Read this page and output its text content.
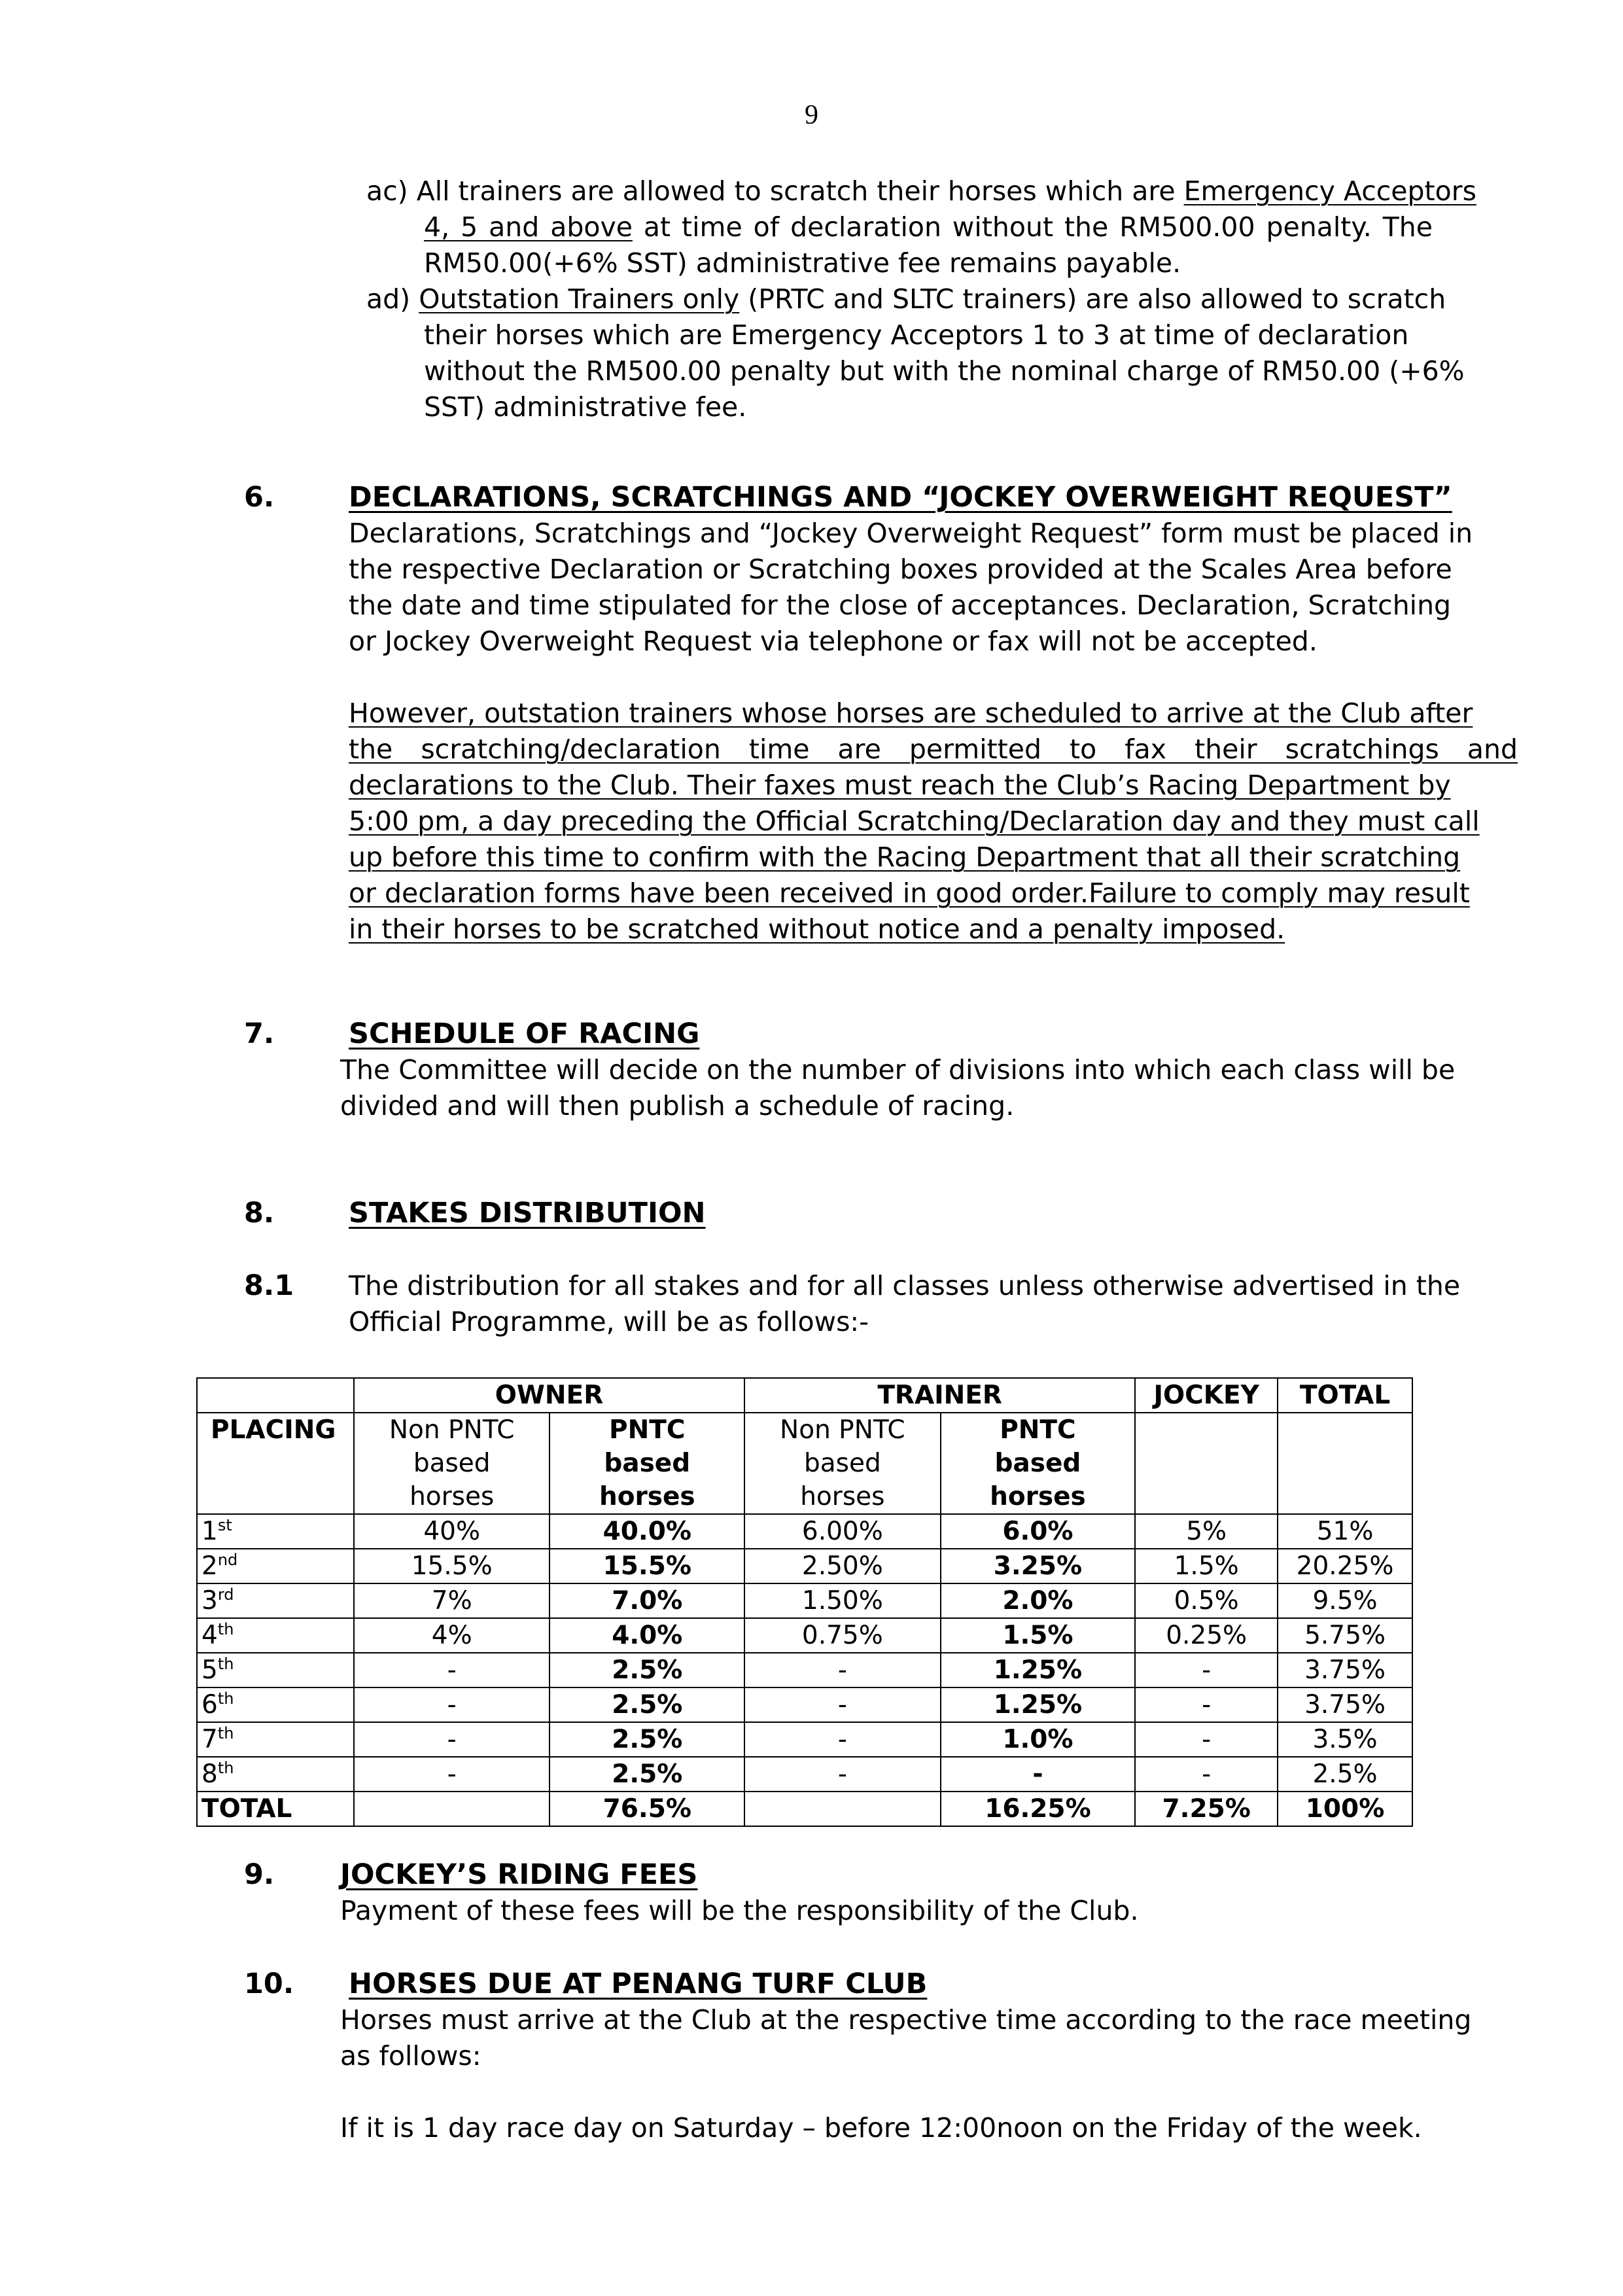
9
ac) All trainers are allowed to scratch their horses which are Emergency Acceptors
4, 5 and above at time of declaration without the RM500.00 penalty. The
RM50.00(+6% SST) administrative fee remains payable.
ad) Outstation Trainers only (PRTC and SLTC trainers) are also allowed to scratch
their horses which are Emergency Acceptors 1 to 3 at time of declaration
without the RM500.00 penalty but with the nominal charge of RM50.00 (+6%
SST) administrative fee.
6.	DECLARATIONS, SCRATCHINGS AND “JOCKEY OVERWEIGHT REQUEST”
Declarations, Scratchings and “Jockey Overweight Request” form must be placed in
the respective Declaration or Scratching boxes provided at the Scales Area before
the date and time stipulated for the close of acceptances. Declaration, Scratching
or Jockey Overweight Request via telephone or fax will not be accepted.
However, outstation trainers whose horses are scheduled to arrive at the Club after
the scratching/declaration time are permitted to fax their scratchings and
declarations to the Club. Their faxes must reach the Club’s Racing Department by
5:00 pm, a day preceding the Official Scratching/Declaration day and they must call
up before this time to confirm with the Racing Department that all their scratching
or declaration forms have been received in good order.Failure to comply may result
in their horses to be scratched without notice and a penalty imposed.
7.	SCHEDULE OF RACING
The Committee will decide on the number of divisions into which each class will be
divided and will then publish a schedule of racing.
8.	STAKES DISTRIBUTION
8.1 The distribution for all stakes and for all classes unless otherwise advertised in the
Official Programme, will be as follows:-
	OWNER		TRAINER		JOCKEY	TOTAL
PLACING	Non PNTC based horses	PNTC based horses	Non PNTC based horses	PNTC based horses		
1st	40%	40.0%	6.00%	6.0%	5%	51%
2nd	15.5%	15.5%	2.50%	3.25%	1.5%	20.25%
3rd	7%	7.0%	1.50%	2.0%	0.5%	9.5%
4th	4%	4.0%	0.75%	1.5%	0.25%	5.75%
5th	-	2.5%	-	1.25%	-	3.75%
6th	-	2.5%	-	1.25%	-	3.75%
7th	-	2.5%	-	1.0%	-	3.5%
8th	-	2.5%	-	-	-	2.5%
TOTAL		76.5%		16.25%	7.25%	100%
9. JOCKEY’S RIDING FEES
Payment of these fees will be the responsibility of the Club.
10. HORSES DUE AT PENANG TURF CLUB
Horses must arrive at the Club at the respective time according to the race meeting
as follows:
If it is 1 day race day on Saturday – before 12:00noon on the Friday of the week.
